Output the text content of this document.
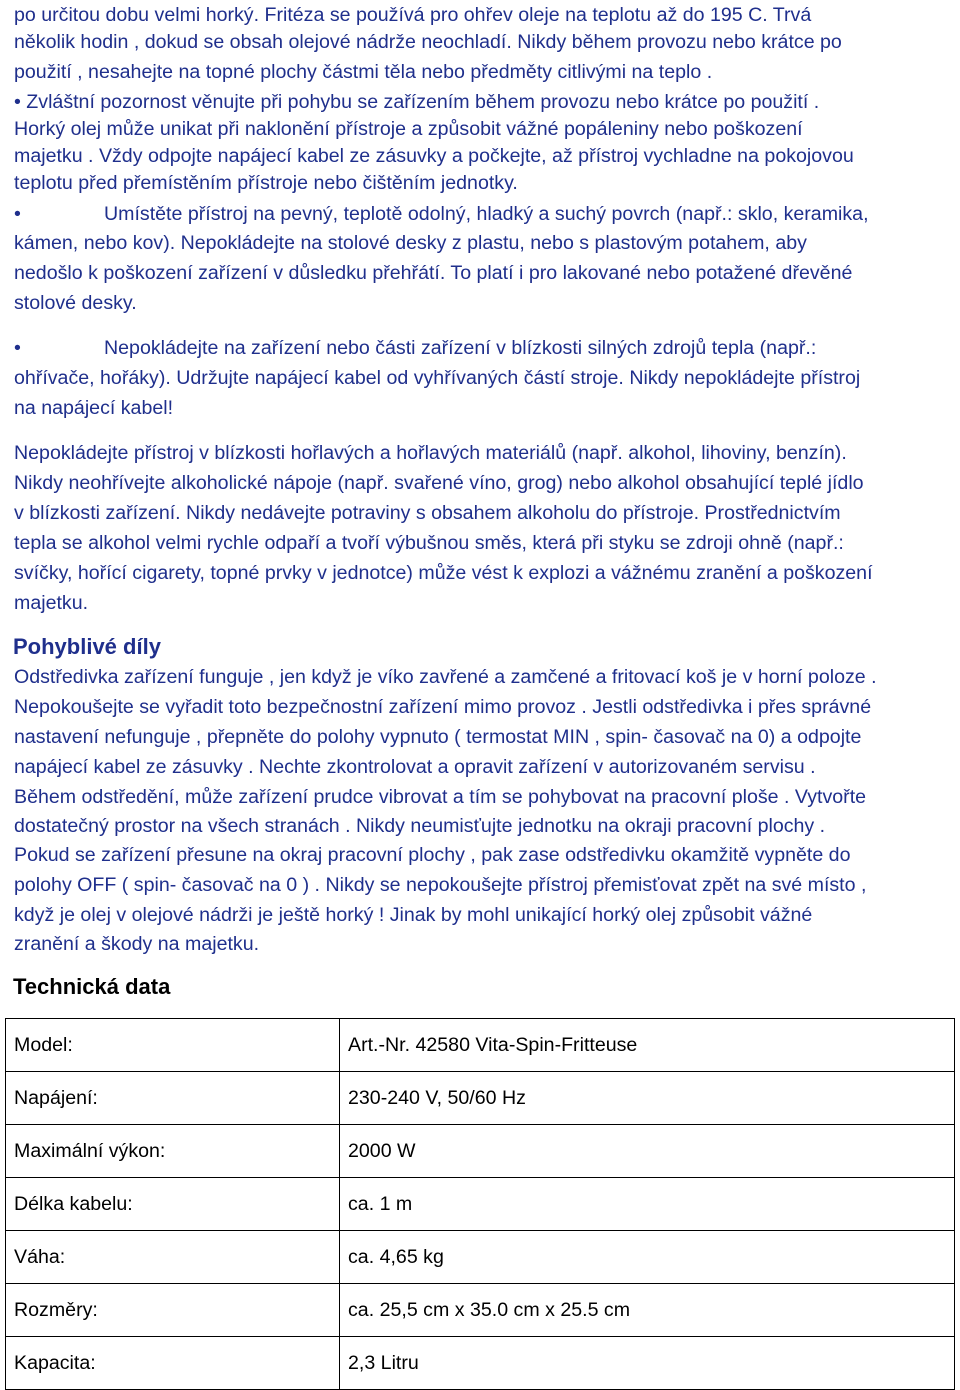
po určitou dobu velmi horký. Fritéza se používá pro ohřev oleje na teplotu až do 195 C. Trvá
několik hodin , dokud se obsah olejové nádrže neochladí. Nikdy během provozu nebo krátce po
použití , nesahejte na topné plochy částmi těla nebo předměty citlivými na teplo .
• Zvláštní pozornost věnujte při pohybu se zařízením během provozu nebo krátce po použití .
Horký olej může unikat při naklonění přístroje a způsobit vážné popáleniny nebo poškození
majetku . Vždy odpojte napájecí kabel ze zásuvky a počkejte, až přístroj vychladne na pokojovou
teplotu před přemístěním přístroje nebo čištěním jednotky.
•	Umístěte přístroj na pevný, teplotě odolný, hladký a suchý povrch (např.: sklo, keramika,
kámen, nebo kov). Nepokládejte na stolové desky z plastu, nebo s plastovým potahem, aby
nedošlo k poškození zařízení v důsledku přehřátí. To platí i pro lakované nebo potažené dřevěné
stolové desky.
•	Nepokládejte na zařízení nebo části zařízení v blízkosti silných zdrojů tepla (např.:
ohřívače, hořáky). Udržujte napájecí kabel od vyhřívaných částí stroje. Nikdy nepokládejte přístroj
na napájecí kabel!
Nepokládejte přístroj v blízkosti hořlavých a hořlavých materiálů (např. alkohol, lihoviny, benzín).
Nikdy neohřívejte alkoholické nápoje (např. svařené víno, grog) nebo alkohol obsahující teplé jídlo
v blízkosti zařízení. Nikdy nedávejte potraviny s obsahem alkoholu do přístroje. Prostřednictvím
tepla se alkohol velmi rychle odpaří a tvoří výbušnou směs, která při styku se zdroji ohně (např.:
svíčky, hořící cigarety, topné prvky v jednotce) může vést k explozi a vážnému zranění a poškození
majetku.
Pohyblivé díly
Odstředivka zařízení funguje , jen když je víko zavřené a zamčené a fritovací koš je v horní poloze .
Nepokoušejte se vyřadit toto bezpečnostní zařízení mimo provoz . Jestli odstředivka i přes správné
nastavení nefunguje , přepněte do polohy vypnuto ( termostat MIN , spin- časovač na 0) a odpojte
napájecí kabel ze zásuvky . Nechte zkontrolovat a opravit zařízení v autorizovaném servisu .
Během odstředění, může zařízení prudce vibrovat a tím se pohybovat na pracovní ploše . Vytvořte
dostatečný prostor na všech stranách . Nikdy neumisťujte jednotku na okraji pracovní plochy .
Pokud se zařízení přesune na okraj pracovní plochy , pak zase odstředivku okamžitě vypněte do
polohy OFF ( spin- časovač na 0 ) . Nikdy se nepokoušejte přístroj přemisťovat zpět na své místo ,
když je olej v olejové nádrži je ještě horký ! Jinak by mohl unikající horký olej způsobit vážné
zranění a škody na majetku.
Technická data
Model:	Art.-Nr. 42580 Vita-Spin-Fritteuse
Napájení:	230-240 V, 50/60 Hz
Maximální výkon:	2000 W
Délka kabelu:	ca. 1 m
Váha:	ca. 4,65 kg
Rozměry:	ca. 25,5 cm x 35.0 cm x 25.5 cm
Kapacita:	2,3 Litru
